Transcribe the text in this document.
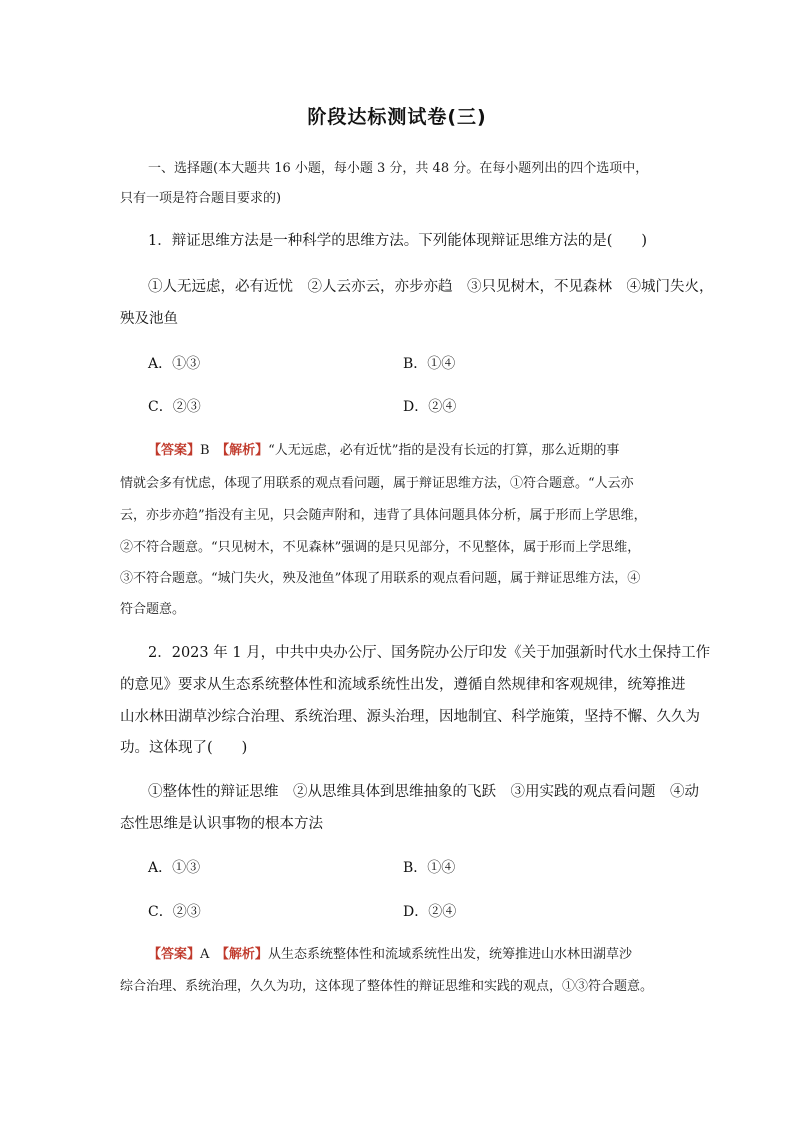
阶段达标测试卷(三)
一、选择题(本大题共 16 小题，每小题 3 分，共 48 分。在每小题列出的四个选项中，
只有一项是符合题目要求的)
1．辩证思维方法是一种科学的思维方法。下列能体现辩证思维方法的是(　　)
①人无远虑，必有近忧　②人云亦云，亦步亦趋　③只见树木，不见森林　④城门失火，
殃及池鱼
A．①③	B．①④
C．②③	D．②④
【答案】B　 【解析】“人无远虑，必有近忧”指的是没有长远的打算，那么近期的事
情就会多有忧虑，体现了用联系的观点看问题，属于辩证思维方法，①符合题意。“人云亦
云，亦步亦趋”指没有主见，只会随声附和，违背了具体问题具体分析，属于形而上学思维，
②不符合题意。“只见树木，不见森林”强调的是只见部分，不见整体，属于形而上学思维，
③不符合题意。“城门失火，殃及池鱼”体现了用联系的观点看问题，属于辩证思维方法，④
符合题意。
2．2023 年 1 月，中共中央办公厅、国务院办公厅印发《关于加强新时代水土保持工作
的意见》要求从生态系统整体性和流域系统性出发，遵循自然规律和客观规律，统筹推进
山水林田湖草沙综合治理、系统治理、源头治理，因地制宜、科学施策，坚持不懈、久久为
功。这体现了(　　)
①整体性的辩证思维　②从思维具体到思维抽象的飞跃　③用实践的观点看问题　④动
态性思维是认识事物的根本方法
A．①③	B．①④
C．②③	D．②④
【答案】A　 【解析】从生态系统整体性和流域系统性出发，统筹推进山水林田湖草沙
综合治理、系统治理，久久为功，这体现了整体性的辩证思维和实践的观点，①③符合题意。
